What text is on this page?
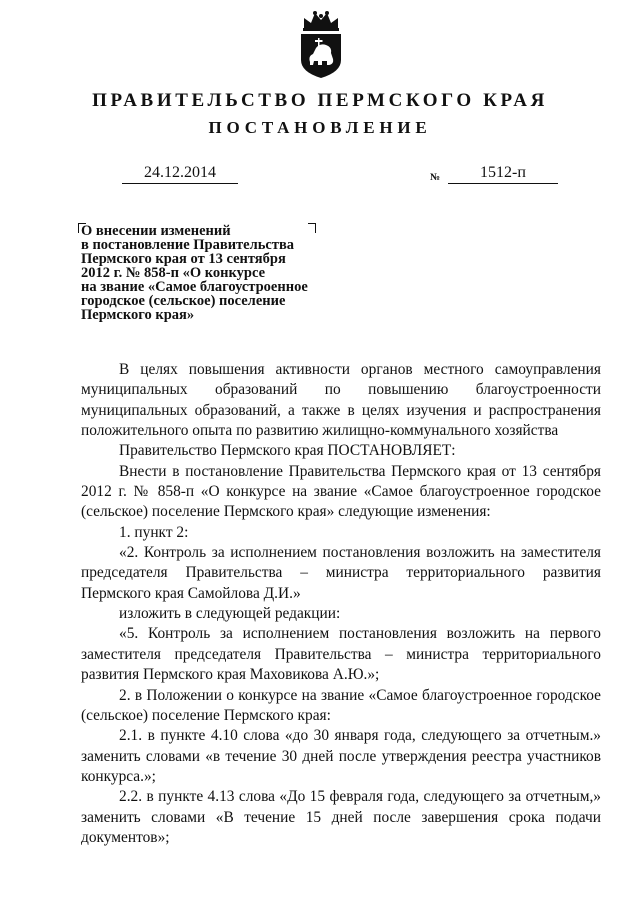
ПРАВИТЕЛЬСТВО ПЕРМСКОГО КРАЯ
ПОСТАНОВЛЕНИЕ
24.12.2014	№	1512-п
О внесении изменений
в постановление Правительства
Пермского края от 13 сентября
2012 г. № 858-п «О конкурсе
на звание «Самое благоустроенное
городское (сельское) поселение
Пермского края»

В целях повышения активности органов местного самоуправления муниципальных образований по повышению благоустроенности муниципальных образований, а также в целях изучения и распространения положительного опыта по развитию жилищно-коммунального хозяйства

Правительство Пермского края ПОСТАНОВЛЯЕТ:

Внести в постановление Правительства Пермского края от 13 сентября 2012 г. № 858-п «О конкурсе на звание «Самое благоустроенное городское (сельское) поселение Пермского края» следующие изменения:

1. пункт 2:

«2. Контроль за исполнением постановления возложить на заместителя председателя Правительства – министра территориального развития Пермского края Самойлова Д.И.»

изложить в следующей редакции:

«5. Контроль за исполнением постановления возложить на первого заместителя председателя Правительства – министра территориального развития Пермского края Маховикова А.Ю.»;

2. в Положении о конкурсе на звание «Самое благоустроенное городское (сельское) поселение Пермского края:

2.1. в пункте 4.10 слова «до 30 января года, следующего за отчетным.» заменить словами «в течение 30 дней после утверждения реестра участников конкурса.»;

2.2. в пункте 4.13 слова «До 15 февраля года, следующего за отчетным,» заменить словами «В течение 15 дней после завершения срока подачи документов»;
